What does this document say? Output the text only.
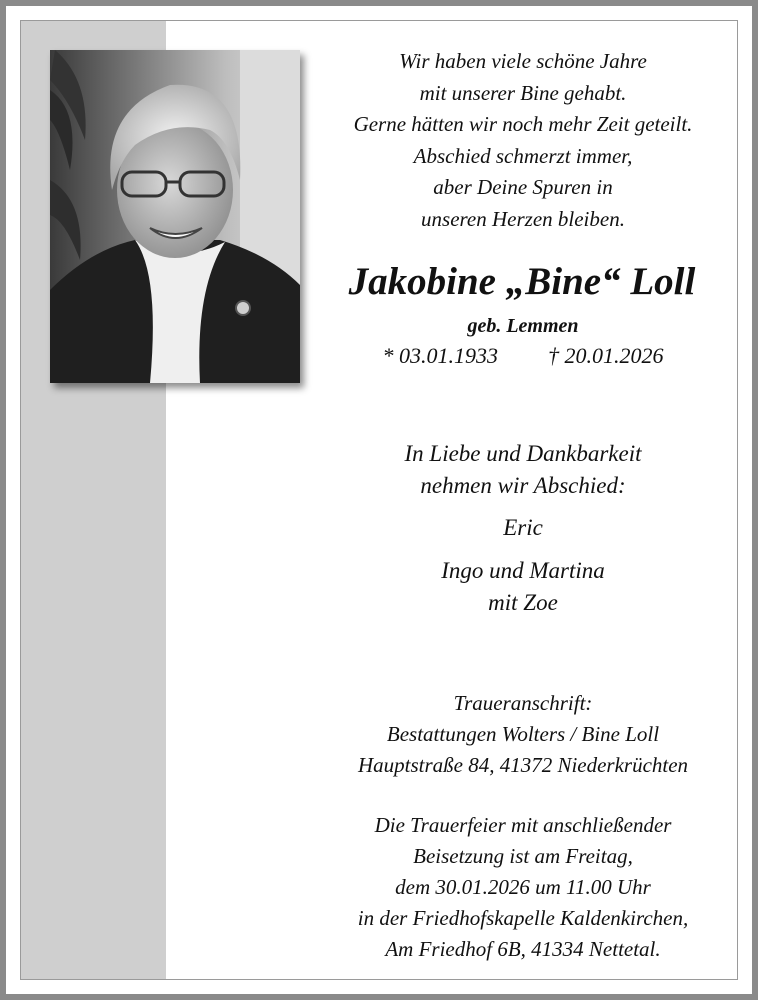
Wir haben viele schöne Jahre
mit unserer Bine gehabt.
Gerne hätten wir noch mehr Zeit geteilt.
Abschied schmerzt immer,
aber Deine Spuren in
unseren Herzen bleiben.
Jakobine „Bine“ Loll
geb. Lemmen
* 03.01.1933 † 20.01.2026
In Liebe und Dankbarkeit
nehmen wir Abschied:
Eric
Ingo und Martina
mit Zoe
Traueranschrift:
Bestattungen Wolters / Bine Loll
Hauptstraße 84, 41372 Niederkrüchten
Die Trauerfeier mit anschließender
Beisetzung ist am Freitag,
dem 30.01.2026 um 11.00 Uhr
in der Friedhofskapelle Kaldenkirchen,
Am Friedhof 6B, 41334 Nettetal.
